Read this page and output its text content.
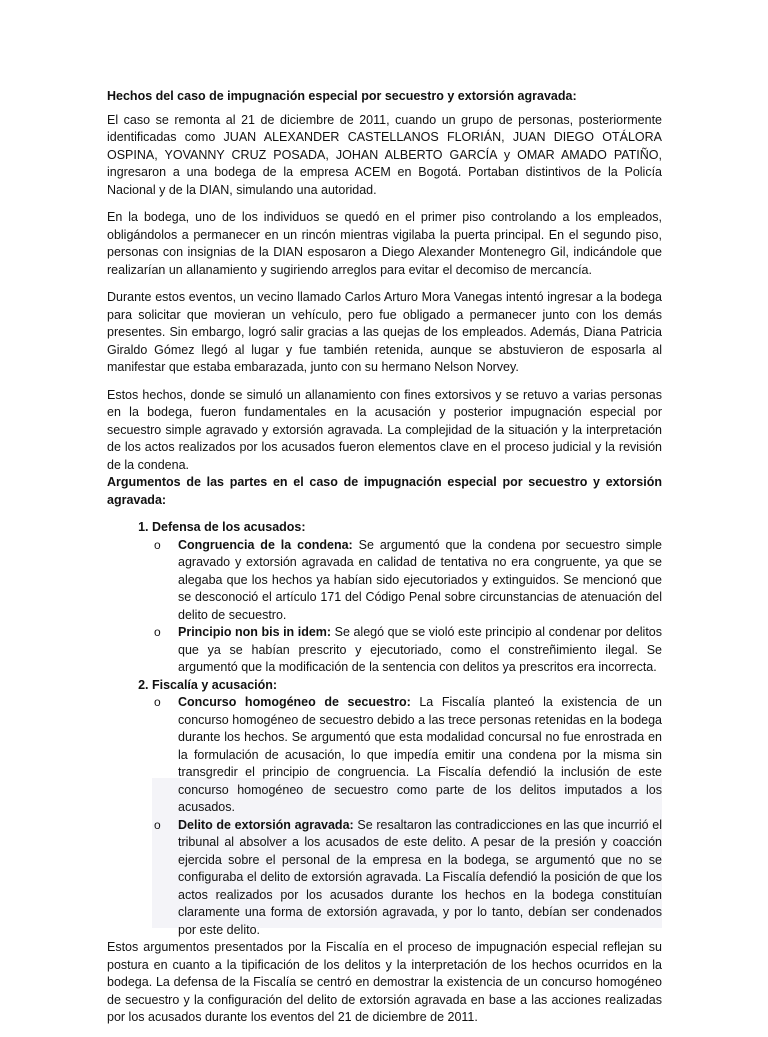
Hechos del caso de impugnación especial por secuestro y extorsión agravada:

El caso se remonta al 21 de diciembre de 2011, cuando un grupo de personas, posteriormente identificadas como JUAN ALEXANDER CASTELLANOS FLORIÁN, JUAN DIEGO OTÁLORA OSPINA, YOVANNY CRUZ POSADA, JOHAN ALBERTO GARCÍA y OMAR AMADO PATIÑO, ingresaron a una bodega de la empresa ACEM en Bogotá. Portaban distintivos de la Policía Nacional y de la DIAN, simulando una autoridad.

En la bodega, uno de los individuos se quedó en el primer piso controlando a los empleados, obligándolos a permanecer en un rincón mientras vigilaba la puerta principal. En el segundo piso, personas con insignias de la DIAN esposaron a Diego Alexander Montenegro Gil, indicándole que realizarían un allanamiento y sugiriendo arreglos para evitar el decomiso de mercancía.

Durante estos eventos, un vecino llamado Carlos Arturo Mora Vanegas intentó ingresar a la bodega para solicitar que movieran un vehículo, pero fue obligado a permanecer junto con los demás presentes. Sin embargo, logró salir gracias a las quejas de los empleados. Además, Diana Patricia Giraldo Gómez llegó al lugar y fue también retenida, aunque se abstuvieron de esposarla al manifestar que estaba embarazada, junto con su hermano Nelson Norvey.

Estos hechos, donde se simuló un allanamiento con fines extorsivos y se retuvo a varias personas en la bodega, fueron fundamentales en la acusación y posterior impugnación especial por secuestro simple agravado y extorsión agravada. La complejidad de la situación y la interpretación de los actos realizados por los acusados fueron elementos clave en el proceso judicial y la revisión de la condena.

Argumentos de las partes en el caso de impugnación especial por secuestro y extorsión agravada:

1. Defensa de los acusados:
o Congruencia de la condena: Se argumentó que la condena por secuestro simple agravado y extorsión agravada en calidad de tentativa no era congruente, ya que se alegaba que los hechos ya habían sido ejecutoriados y extinguidos. Se mencionó que se desconoció el artículo 171 del Código Penal sobre circunstancias de atenuación del delito de secuestro.
o Principio non bis in idem: Se alegó que se violó este principio al condenar por delitos que ya se habían prescrito y ejecutoriado, como el constreñimiento ilegal. Se argumentó que la modificación de la sentencia con delitos ya prescritos era incorrecta.
2. Fiscalía y acusación:
o Concurso homogéneo de secuestro: La Fiscalía planteó la existencia de un concurso homogéneo de secuestro debido a las trece personas retenidas en la bodega durante los hechos. Se argumentó que esta modalidad concursal no fue enrostrada en la formulación de acusación, lo que impedía emitir una condena por la misma sin transgredir el principio de congruencia. La Fiscalía defendió la inclusión de este concurso homogéneo de secuestro como parte de los delitos imputados a los acusados.
o Delito de extorsión agravada: Se resaltaron las contradicciones en las que incurrió el tribunal al absolver a los acusados de este delito. A pesar de la presión y coacción ejercida sobre el personal de la empresa en la bodega, se argumentó que no se configuraba el delito de extorsión agravada. La Fiscalía defendió la posición de que los actos realizados por los acusados durante los hechos en la bodega constituían claramente una forma de extorsión agravada, y por lo tanto, debían ser condenados por este delito.

Estos argumentos presentados por la Fiscalía en el proceso de impugnación especial reflejan su postura en cuanto a la tipificación de los delitos y la interpretación de los hechos ocurridos en la bodega. La defensa de la Fiscalía se centró en demostrar la existencia de un concurso homogéneo de secuestro y la configuración del delito de extorsión agravada en base a las acciones realizadas por los acusados durante los eventos del 21 de diciembre de 2011.
